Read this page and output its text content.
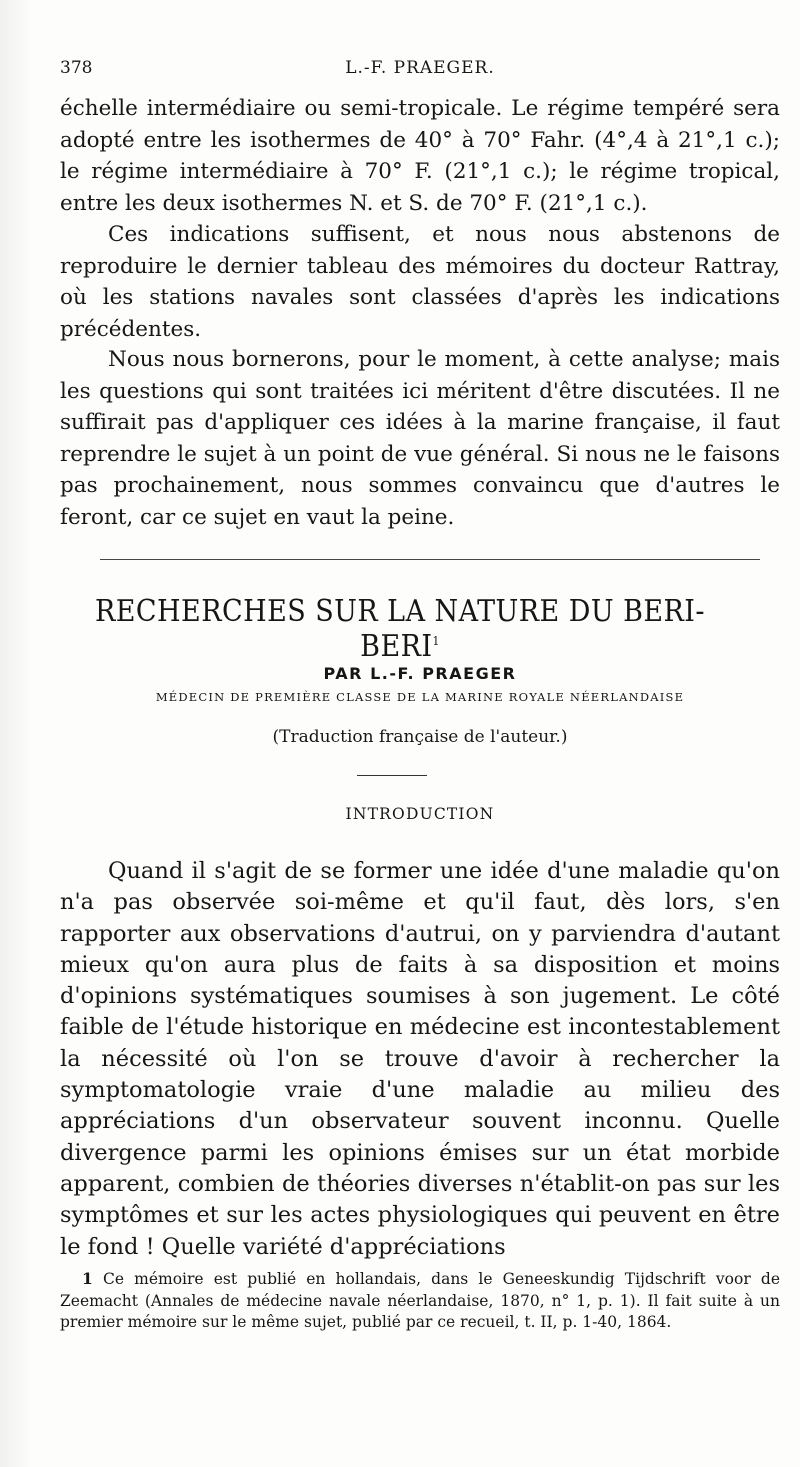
378	L.-F. PRAEGER.

échelle intermédiaire ou semi-tropicale. Le régime tempéré sera adopté entre les isothermes de 40° à 70° Fahr. (4°,4 à 21°,1 c.); le régime intermédiaire à 70° F. (21°,1 c.); le régime tropical, entre les deux isothermes N. et S. de 70° F. (21°,1 c.).

Ces indications suffisent, et nous nous abstenons de reproduire le dernier tableau des mémoires du docteur Rattray, où les stations navales sont classées d'après les indications précédentes.

Nous nous bornerons, pour le moment, à cette analyse; mais les questions qui sont traitées ici méritent d'être discutées. Il ne suffirait pas d'appliquer ces idées à la marine française, il faut reprendre le sujet à un point de vue général. Si nous ne le faisons pas prochainement, nous sommes convaincu que d'autres le feront, car ce sujet en vaut la peine.

RECHERCHES SUR LA NATURE DU BERI-BERI$^1$
PAR L.-F. PRAEGER
MÉDECIN DE PREMIÈRE CLASSE DE LA MARINE ROYALE NÉERLANDAISE
(Traduction française de l'auteur.)
INTRODUCTION

Quand il s'agit de se former une idée d'une maladie qu'on n'a pas observée soi-même et qu'il faut, dès lors, s'en rapporter aux observations d'autrui, on y parviendra d'autant mieux qu'on aura plus de faits à sa disposition et moins d'opinions systématiques soumises à son jugement. Le côté faible de l'étude historique en médecine est incontestablement la nécessité où l'on se trouve d'avoir à rechercher la symptomatologie vraie d'une maladie au milieu des appréciations d'un observateur souvent inconnu. Quelle divergence parmi les opinions émises sur un état morbide apparent, combien de théories diverses n'établit-on pas sur les symptômes et sur les actes physiologiques qui peuvent en être le fond ! Quelle variété d'appréciations

1 Ce mémoire est publié en hollandais, dans le Geneeskundig Tijdschrift voor de Zeemacht (Annales de médecine navale néerlandaise, 1870, n° 1, p. 1). Il fait suite à un premier mémoire sur le même sujet, publié par ce recueil, t. II, p. 1-40, 1864.
